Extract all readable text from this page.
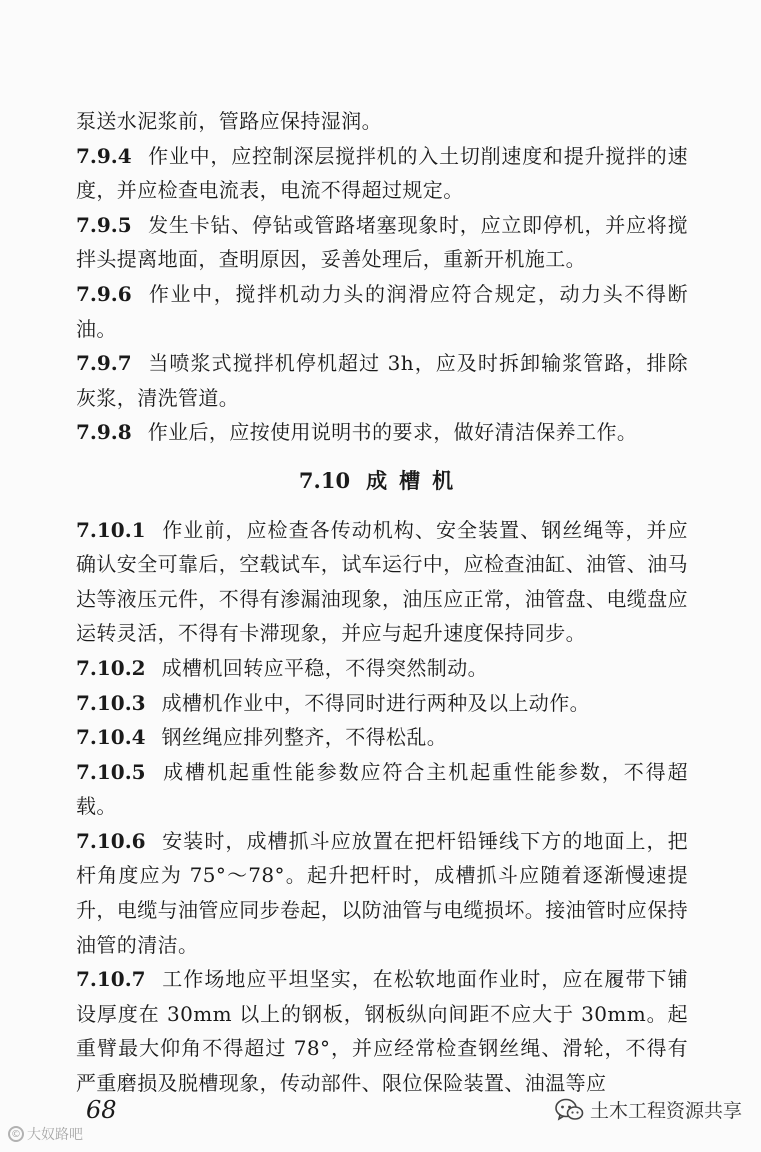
泵送水泥浆前，管路应保持湿润。

7.9.4 作业中，应控制深层搅拌机的入土切削速度和提升搅拌的速度，并应检查电流表，电流不得超过规定。

7.9.5 发生卡钻、停钻或管路堵塞现象时，应立即停机，并应将搅拌头提离地面，查明原因，妥善处理后，重新开机施工。

7.9.6 作业中，搅拌机动力头的润滑应符合规定，动力头不得断油。

7.9.7 当喷浆式搅拌机停机超过 3h，应及时拆卸输浆管路，排除灰浆，清洗管道。

7.9.8 作业后，应按使用说明书的要求，做好清洁保养工作。

7.10 成槽机

7.10.1 作业前，应检查各传动机构、安全装置、钢丝绳等，并应确认安全可靠后，空载试车，试车运行中，应检查油缸、油管、油马达等液压元件，不得有渗漏油现象，油压应正常，油管盘、电缆盘应运转灵活，不得有卡滞现象，并应与起升速度保持同步。

7.10.2 成槽机回转应平稳，不得突然制动。

7.10.3 成槽机作业中，不得同时进行两种及以上动作。

7.10.4 钢丝绳应排列整齐，不得松乱。

7.10.5 成槽机起重性能参数应符合主机起重性能参数，不得超载。

7.10.6 安装时，成槽抓斗应放置在把杆铅锤线下方的地面上，把杆角度应为 75°～78°。起升把杆时，成槽抓斗应随着逐渐慢速提升，电缆与油管应同步卷起，以防油管与电缆损坏。接油管时应保持油管的清洁。

7.10.7 工作场地应平坦坚实，在松软地面作业时，应在履带下铺设厚度在 30mm 以上的钢板，钢板纵向间距不应大于 30mm。起重臂最大仰角不得超过 78°，并应经常检查钢丝绳、滑轮，不得有严重磨损及脱槽现象，传动部件、限位保险装置、油温等应

68
© 大奴路吧
土木工程资源共享
